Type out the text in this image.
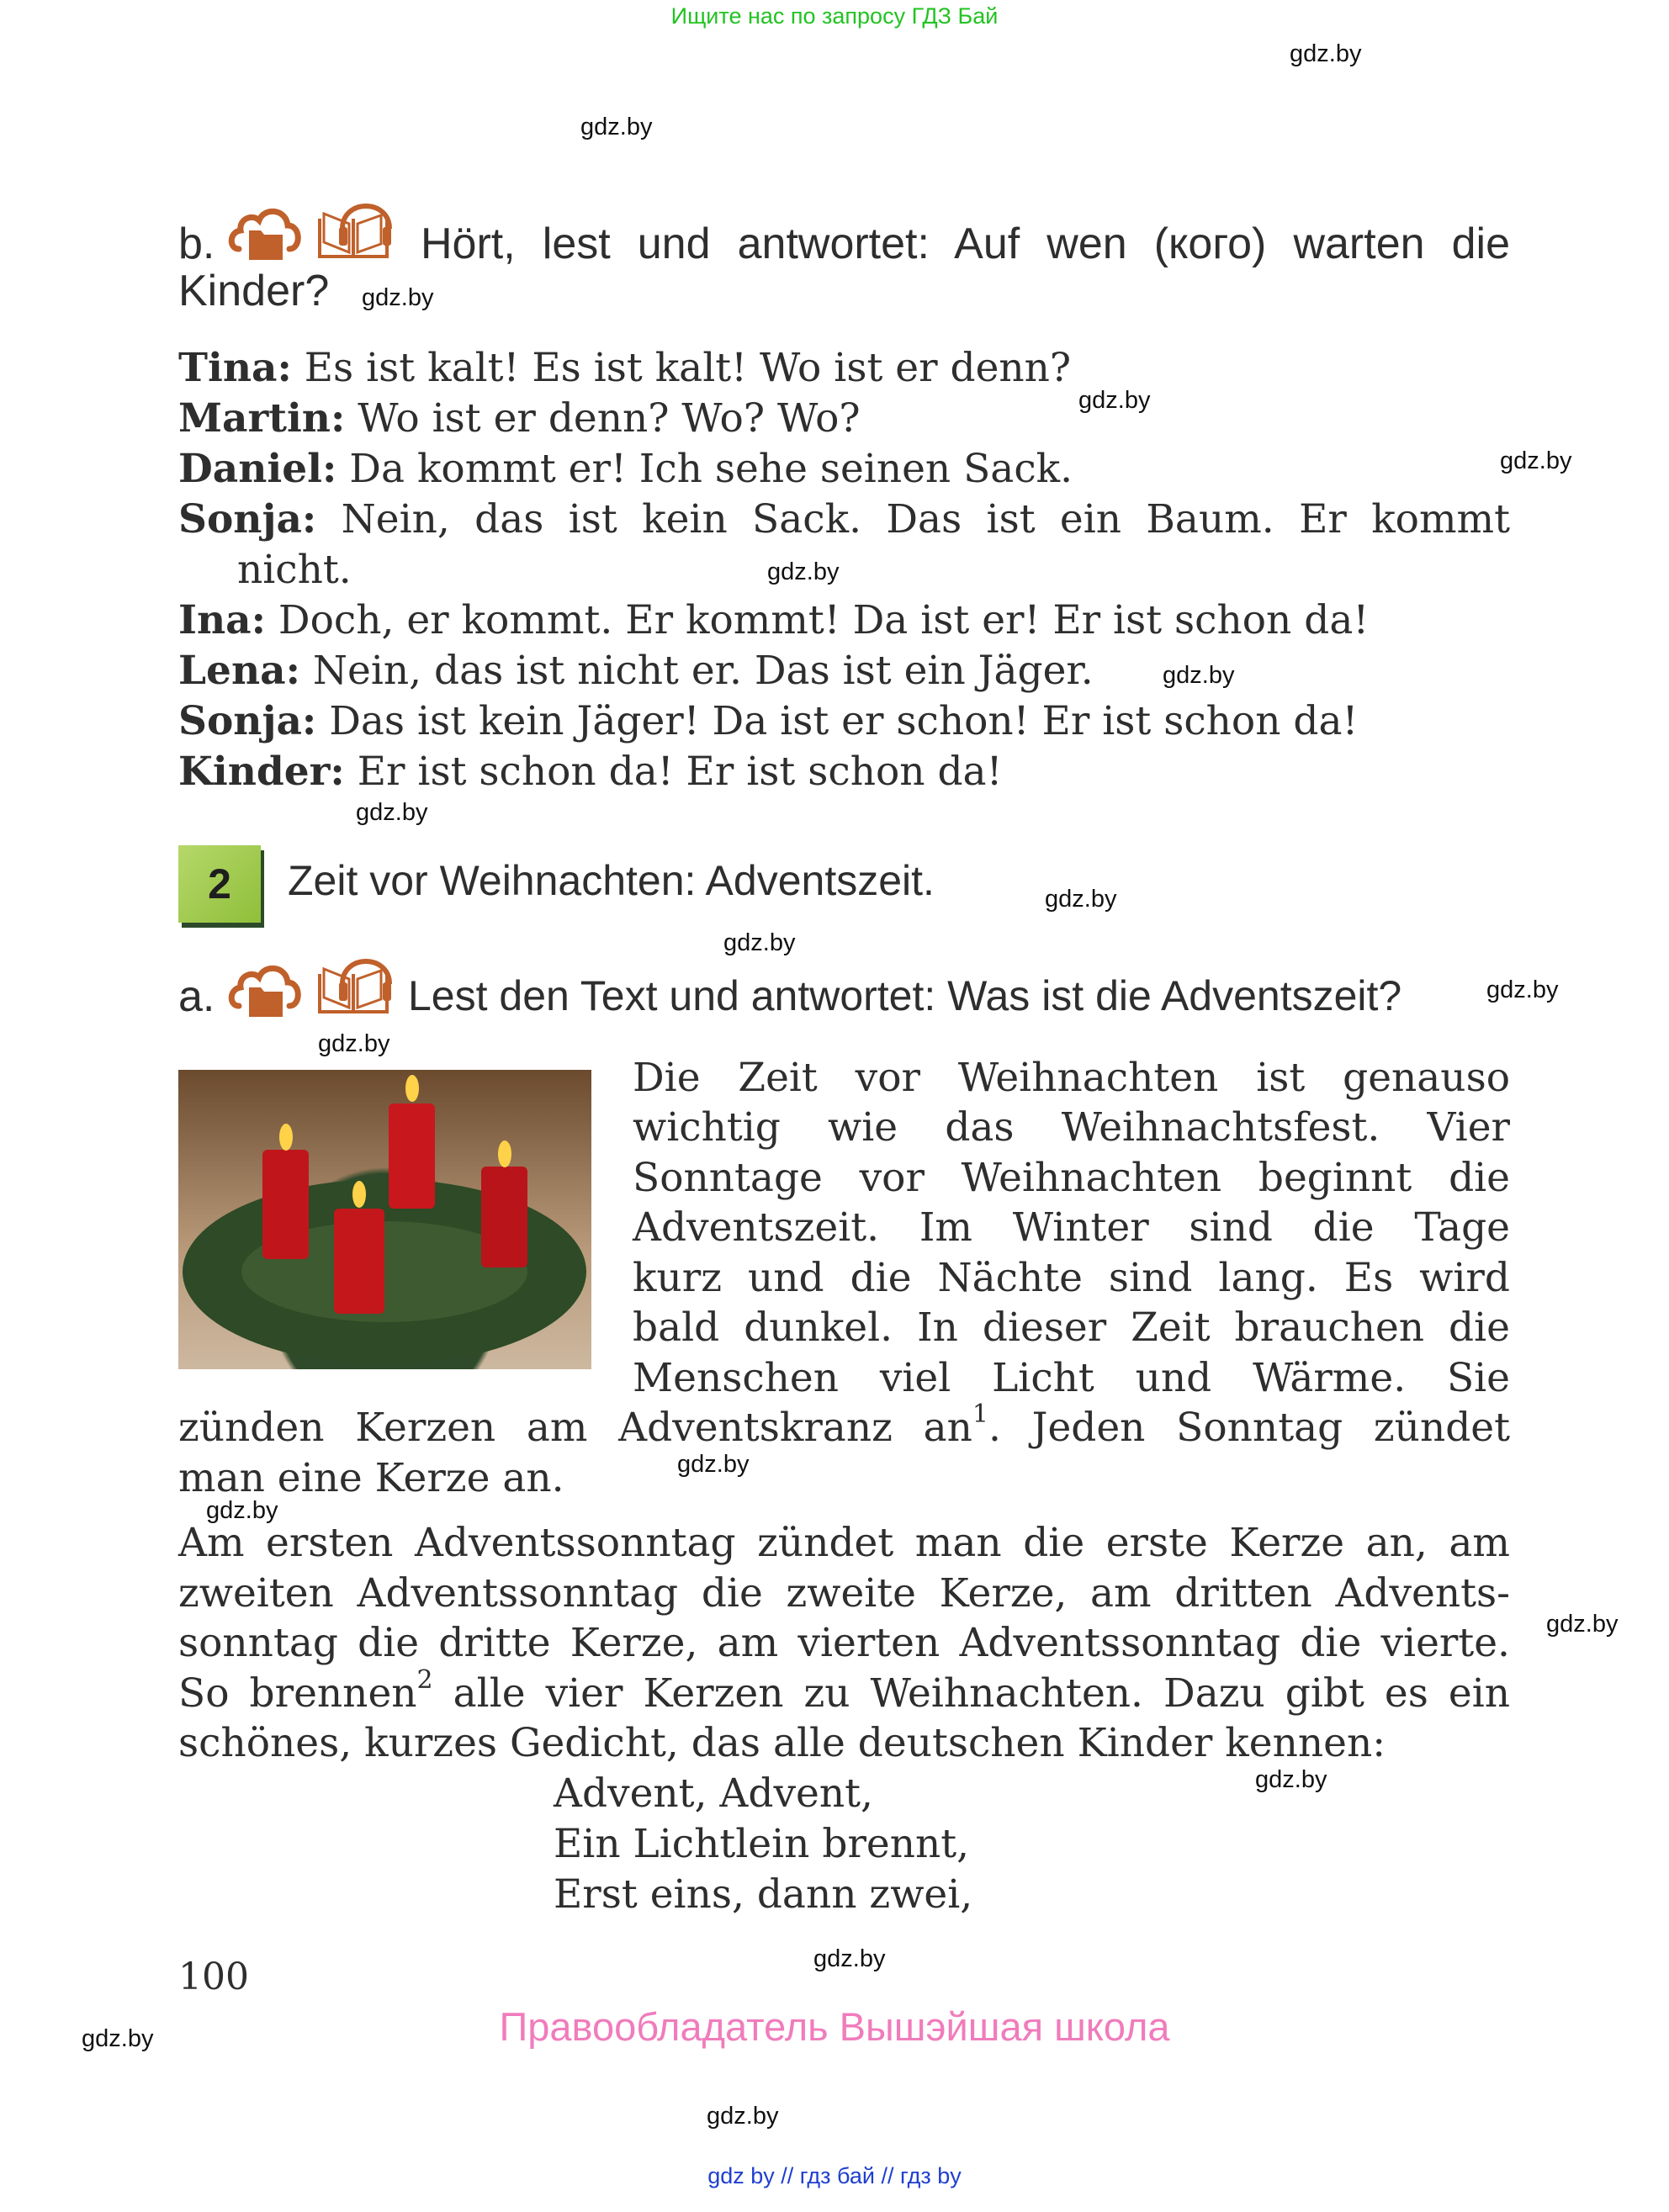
Ищите нас по запросу ГДЗ Бай
gdz.by
gdz.by
gdz.by
gdz.by
gdz.by
gdz.by
gdz.by
gdz.by
gdz.by
gdz.by
gdz.by
gdz.by
gdz.by
gdz.by
gdz.by
gdz.by
gdz.by
gdz.by
gdz.by
b.	Hört, lest und antwortet: Auf wen (кого) warten die
Kinder?
Tina: Es ist kalt! Es ist kalt! Wo ist er denn?
Martin: Wo ist er denn? Wo? Wo?
Daniel: Da kommt er! Ich sehe seinen Sack.
Sonja: Nein, das ist kein Sack. Das ist ein Baum. Er kommt
nicht.
Ina: Doch, er kommt. Er kommt! Da ist er! Er ist schon da!
Lena: Nein, das ist nicht er. Das ist ein Jäger.
Sonja: Das ist kein Jäger! Da ist er schon! Er ist schon da!
Kinder: Er ist schon da! Er ist schon da!
2	Zeit vor Weihnachten: Adventszeit.
a.	Lest den Text und antwortet: Was ist die Adventszeit?
Die Zeit vor Weihnachten ist genauso
wichtig wie das Weihnachtsfest. Vier
Sonntage vor Weihnachten beginnt die
Adventszeit. Im Winter sind die Tage
kurz und die Nächte sind lang. Es wird
bald dunkel. In dieser Zeit brauchen die
Menschen viel Licht und Wärme. Sie
zünden Kerzen am Adventskranz $an^1$. Jeden Sonntag zündet
man eine Kerze an.
Am ersten Adventssonntag zündet man die erste Kerze an, am
zweiten Adventssonntag die zweite Kerze, am dritten Advents-
sonntag die dritte Kerze, am vierten Adventssonntag die vierte.
So brennen$^2$ alle vier Kerzen zu Weihnachten. Dazu gibt es ein
schönes, kurzes Gedicht, das alle deutschen Kinder kennen:
Advent, Advent,
Ein Lichtlein brennt,
Erst eins, dann zwei,
100
Правообладатель Вышэйшая школа
gdz by // гдз бай // гдз by
